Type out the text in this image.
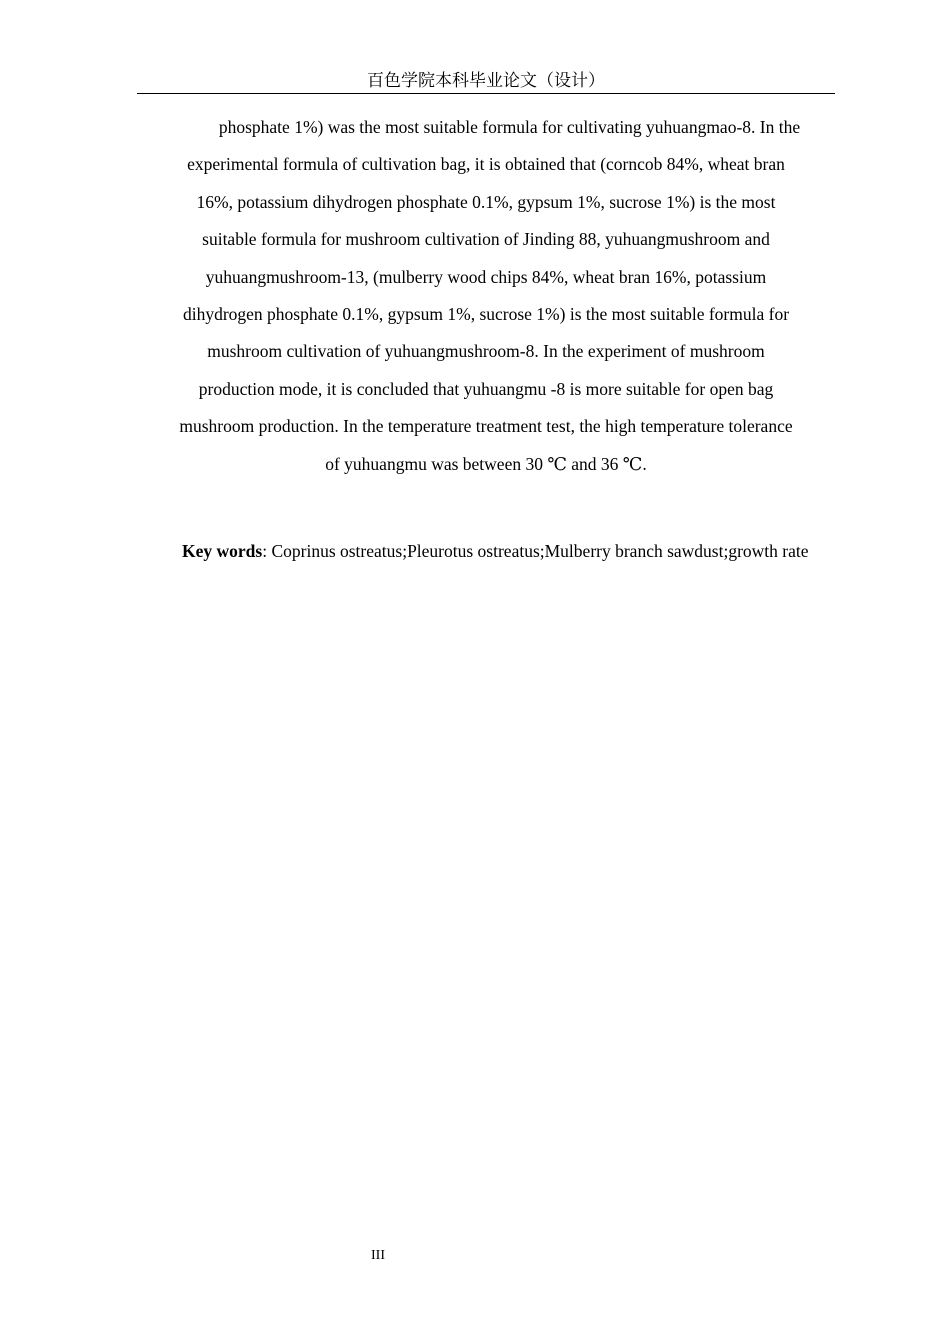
百色学院本科毕业论文（设计）

phosphate 1%) was the most suitable formula for cultivating yuhuangmao-8. In the
experimental formula of cultivation bag, it is obtained that (corncob 84%, wheat bran
16%, potassium dihydrogen phosphate 0.1%, gypsum 1%, sucrose 1%) is the most
suitable formula for mushroom cultivation of Jinding 88, yuhuangmushroom and
yuhuangmushroom-13, (mulberry wood chips 84%, wheat bran 16%, potassium
dihydrogen phosphate 0.1%, gypsum 1%, sucrose 1%) is the most suitable formula for
mushroom cultivation of yuhuangmushroom-8. In the experiment of mushroom
production mode, it is concluded that yuhuangmu -8 is more suitable for open bag
mushroom production. In the temperature treatment test, the high temperature tolerance
of yuhuangmu was between 30 ℃ and 36 ℃.

Key words: Coprinus ostreatus;Pleurotus ostreatus;Mulberry branch sawdust;growth rate

III
